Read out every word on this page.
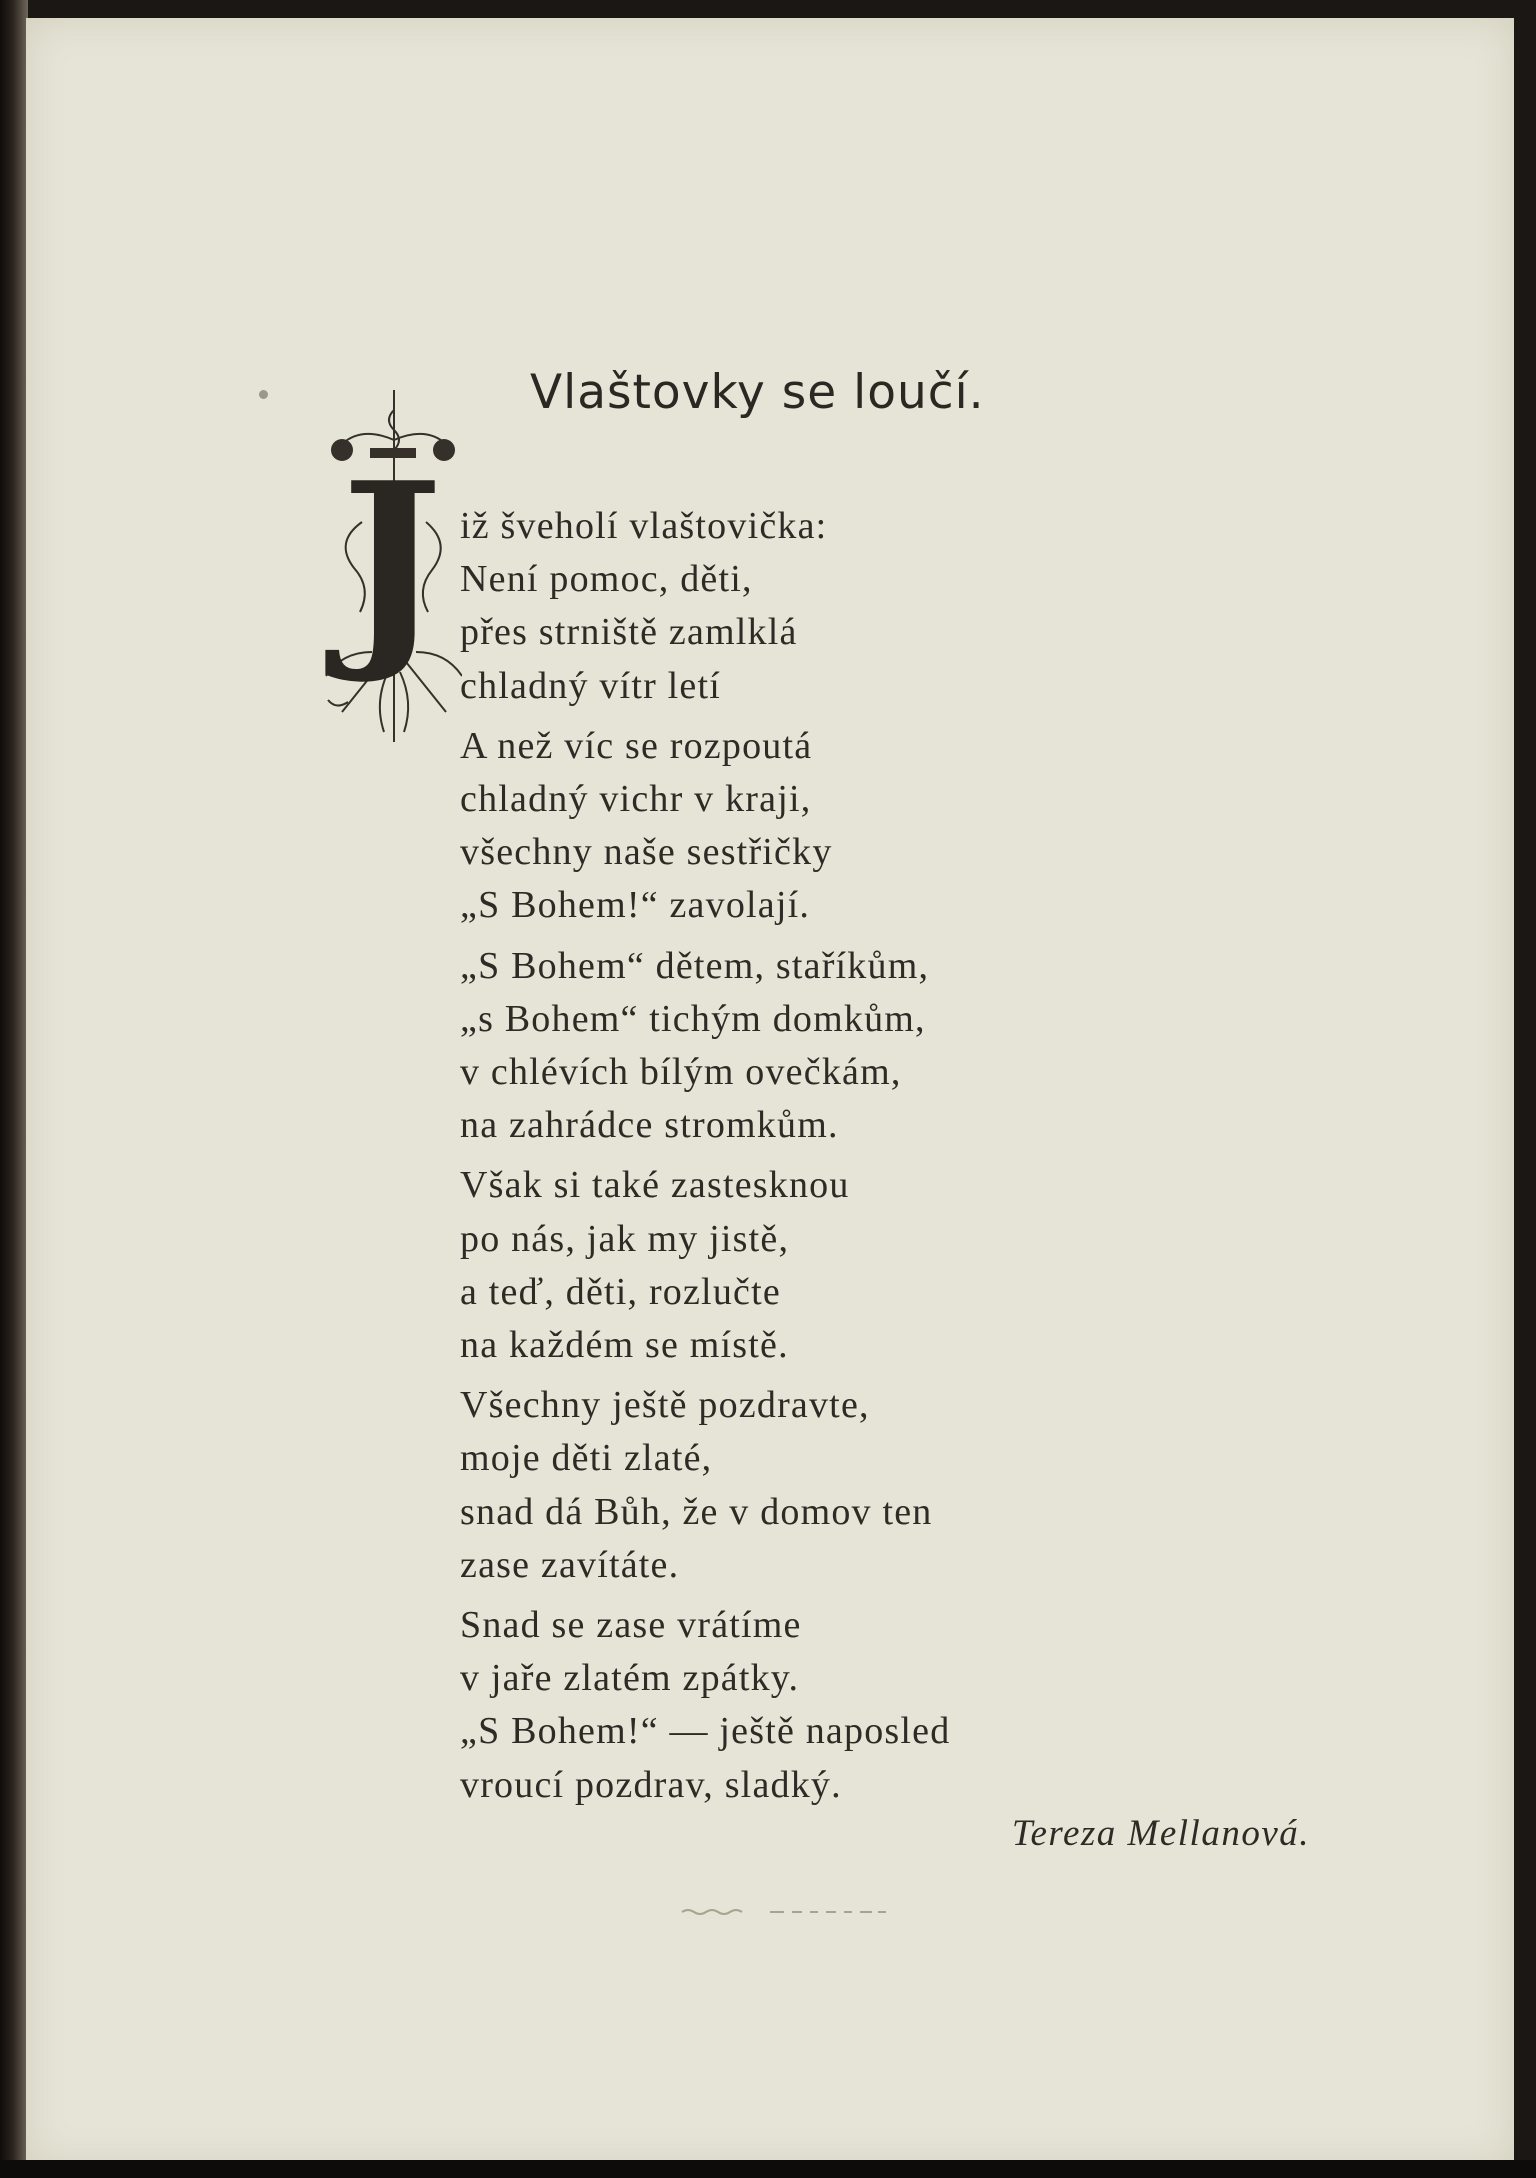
Vlaštovky se loučí.
J iž šveholí vlaštovička:
Není pomoc, děti,
přes strniště zamlklá
chladný vítr letí
A než víc se rozpoutá
chladný vichr v kraji,
všechny naše sestřičky
„S Bohem!“ zavolají.
„S Bohem“ dětem, staříkům,
„s Bohem“ tichým domkům,
v chlévích bílým ovečkám,
na zahrádce stromkům.
Však si také zastesknou
po nás, jak my jistě,
a teď, děti, rozlučte
na každém se místě.
Všechny ještě pozdravte,
moje děti zlaté,
snad dá Bůh, že v domov ten
zase zavítáte.
Snad se zase vrátíme
v jaře zlatém zpátky.
„S Bohem!“ — ještě naposled
vroucí pozdrav, sladký.
Tereza Mellanová.
